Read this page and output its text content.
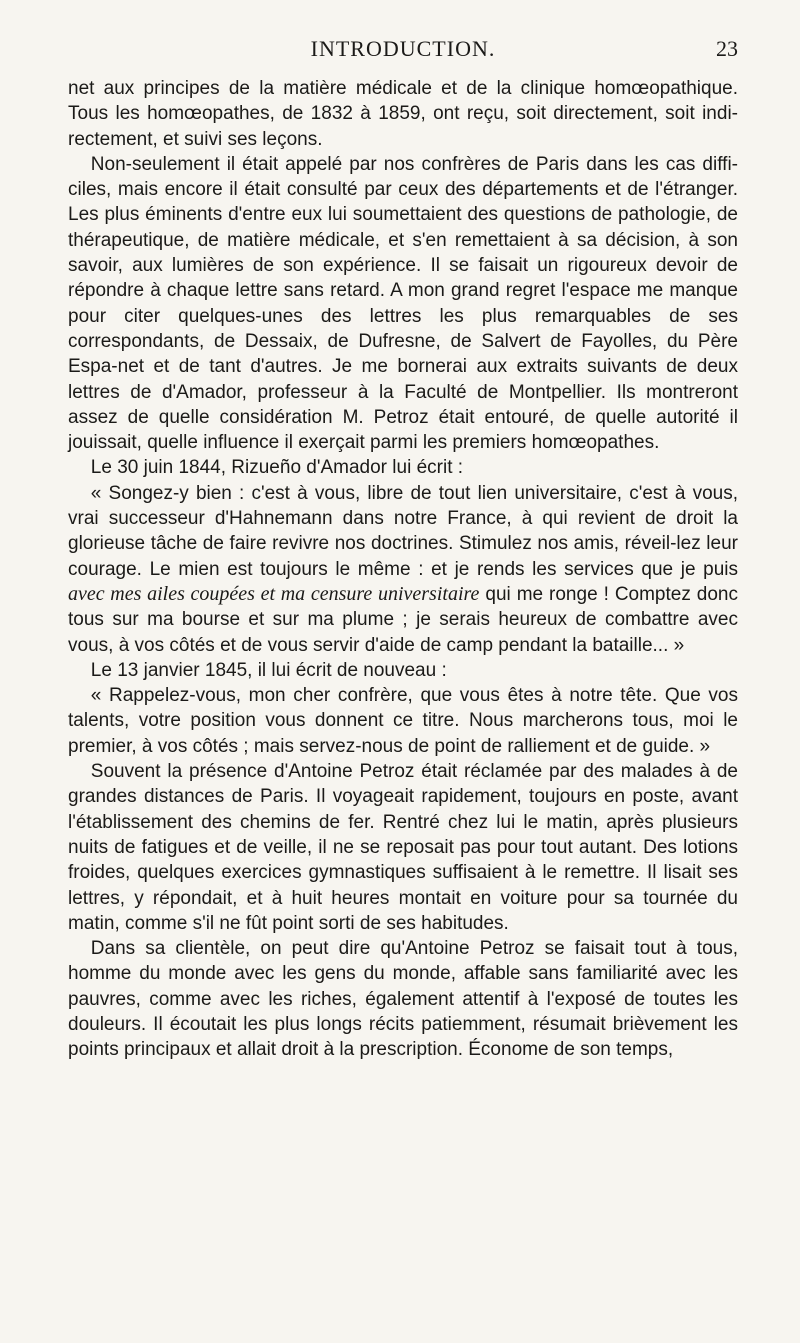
INTRODUCTION.	23

net aux principes de la matière médicale et de la clinique homœopathique. Tous les homœopathes, de 1832 à 1859, ont reçu, soit directement, soit indi-rectement, et suivi ses leçons.

Non-seulement il était appelé par nos confrères de Paris dans les cas diffi-ciles, mais encore il était consulté par ceux des départements et de l'étranger. Les plus éminents d'entre eux lui soumettaient des questions de pathologie, de thérapeutique, de matière médicale, et s'en remettaient à sa décision, à son savoir, aux lumières de son expérience. Il se faisait un rigoureux devoir de répondre à chaque lettre sans retard. A mon grand regret l'espace me manque pour citer quelques-unes des lettres les plus remarquables de ses correspondants, de Dessaix, de Dufresne, de Salvert de Fayolles, du Père Espa-net et de tant d'autres. Je me bornerai aux extraits suivants de deux lettres de d'Amador, professeur à la Faculté de Montpellier. Ils montreront assez de quelle considération M. Petroz était entouré, de quelle autorité il jouissait, quelle influence il exerçait parmi les premiers homœopathes.

Le 30 juin 1844, Rizueño d'Amador lui écrit :

« Songez-y bien : c'est à vous, libre de tout lien universitaire, c'est à vous, vrai successeur d'Hahnemann dans notre France, à qui revient de droit la glorieuse tâche de faire revivre nos doctrines. Stimulez nos amis, réveil-lez leur courage. Le mien est toujours le même : et je rends les services que je puis avec mes ailes coupées et ma censure universitaire qui me ronge ! Comptez donc tous sur ma bourse et sur ma plume ; je serais heureux de combattre avec vous, à vos côtés et de vous servir d'aide de camp pendant la bataille... »

Le 13 janvier 1845, il lui écrit de nouveau :

« Rappelez-vous, mon cher confrère, que vous êtes à notre tête. Que vos talents, votre position vous donnent ce titre. Nous marcherons tous, moi le premier, à vos côtés ; mais servez-nous de point de ralliement et de guide. »

Souvent la présence d'Antoine Petroz était réclamée par des malades à de grandes distances de Paris. Il voyageait rapidement, toujours en poste, avant l'établissement des chemins de fer. Rentré chez lui le matin, après plusieurs nuits de fatigues et de veille, il ne se reposait pas pour tout autant. Des lotions froides, quelques exercices gymnastiques suffisaient à le remettre. Il lisait ses lettres, y répondait, et à huit heures montait en voiture pour sa tournée du matin, comme s'il ne fût point sorti de ses habitudes.

Dans sa clientèle, on peut dire qu'Antoine Petroz se faisait tout à tous, homme du monde avec les gens du monde, affable sans familiarité avec les pauvres, comme avec les riches, également attentif à l'exposé de toutes les douleurs. Il écoutait les plus longs récits patiemment, résumait brièvement les points principaux et allait droit à la prescription. Économe de son temps,
